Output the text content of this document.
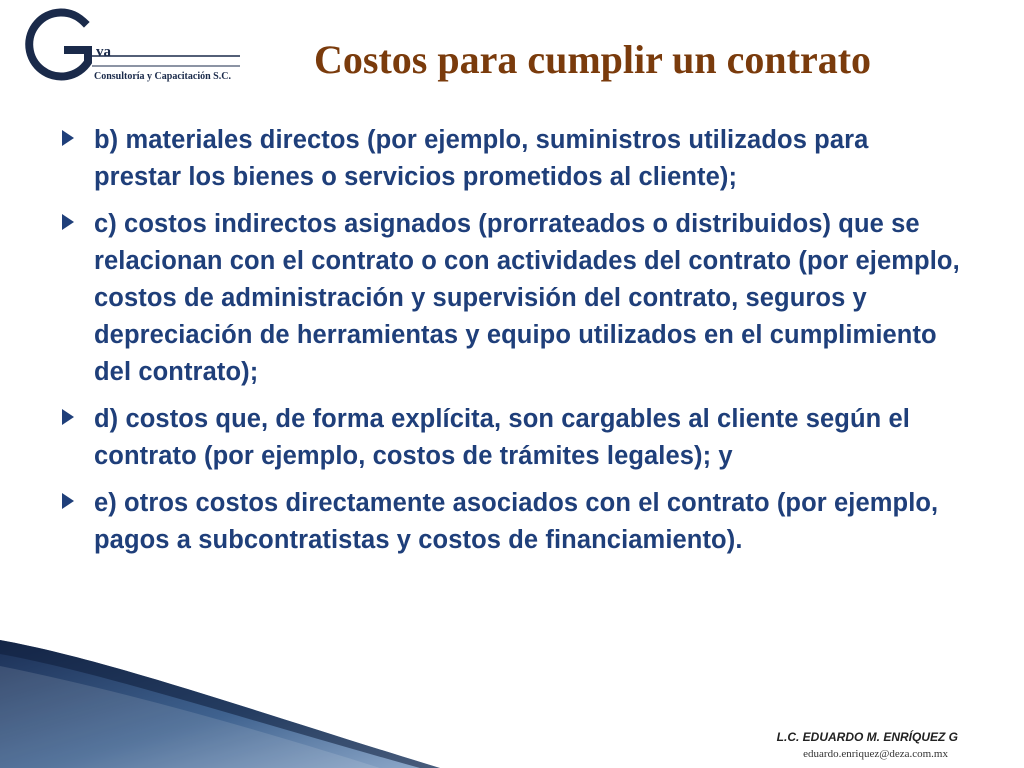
va
Consultoría y Capacitación S.C. Costos para cumplir un contrato
b) materiales directos (por ejemplo, suministros utilizados para prestar los bienes o servicios prometidos al cliente);
c) costos indirectos asignados (prorrateados o distribuidos) que se relacionan con el contrato o con actividades del contrato (por ejemplo, costos de administración y supervisión del contrato, seguros y depreciación de herramientas y equipo utilizados en el cumplimiento del contrato);
d) costos que, de forma explícita, son cargables al cliente según el contrato (por ejemplo, costos de trámites legales); y
e) otros costos directamente asociados con el contrato (por ejemplo, pagos a subcontratistas y costos de financiamiento).
L.C. EDUARDO M. ENRÍQUEZ G
eduardo.enriquez@deza.com.mx
